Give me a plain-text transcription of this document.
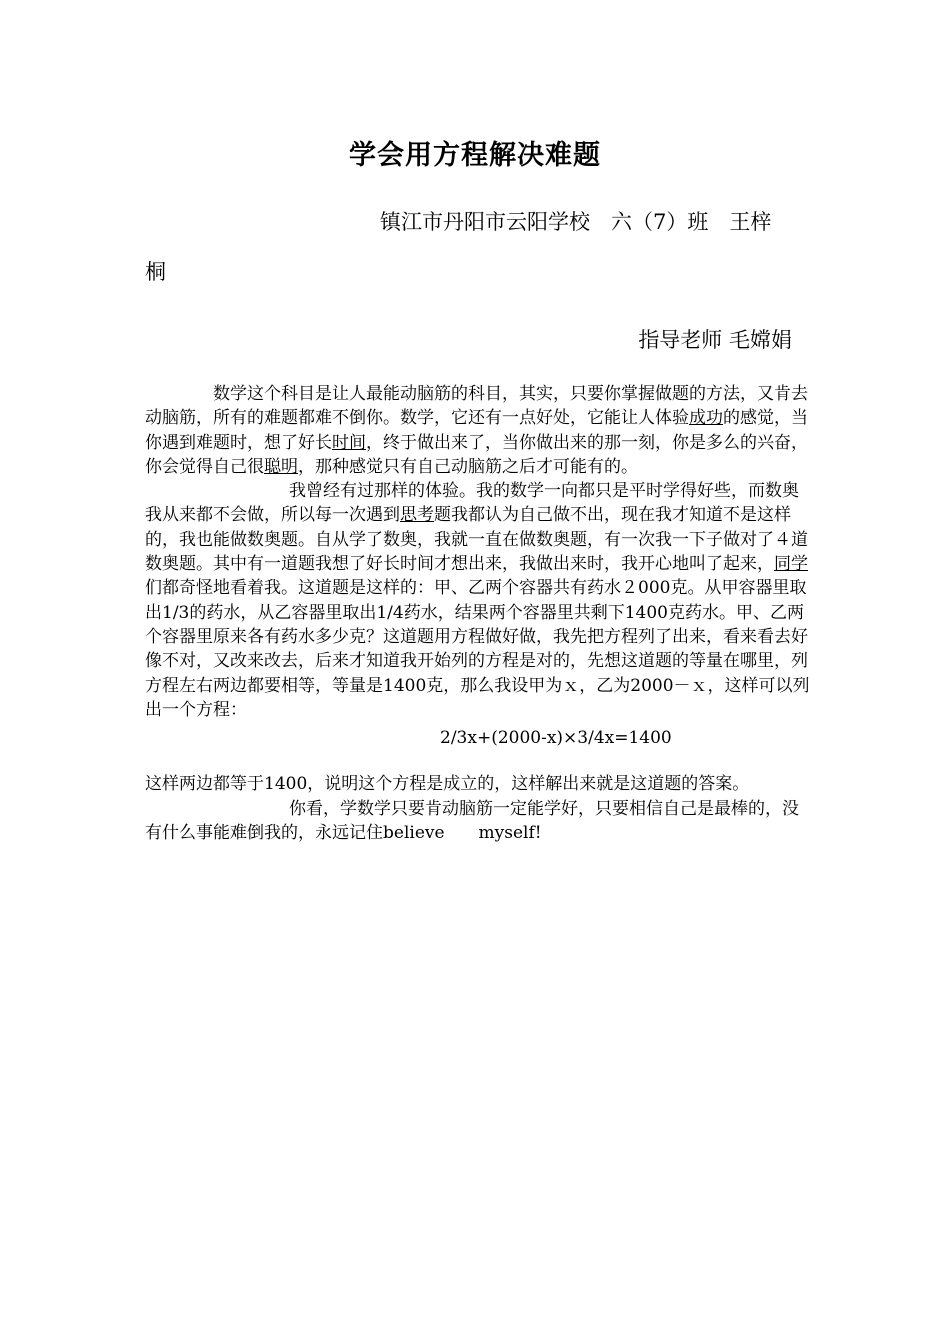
学会用方程解决难题
镇江市丹阳市云阳学校　六（7）班　王梓
桐
指导老师 毛嫦娟

数学这个科目是让人最能动脑筋的科目，其实，只要你掌握做题的方法，又肯去动脑筋，所有的难题都难不倒你。数学，它还有一点好处，它能让人体验成功的感觉，当你遇到难题时，想了好长时间，终于做出来了，当你做出来的那一刻，你是多么的兴奋，你会觉得自己很聪明，那种感觉只有自己动脑筋之后才可能有的。

我曾经有过那样的体验。我的数学一向都只是平时学得好些，而数奥我从来都不会做，所以每一次遇到思考题我都认为自己做不出，现在我才知道不是这样的，我也能做数奥题。自从学了数奥，我就一直在做数奥题，有一次我一下子做对了４道数奥题。其中有一道题我想了好长时间才想出来，我做出来时，我开心地叫了起来，同学们都奇怪地看着我。这道题是这样的：甲、乙两个容器共有药水２000克。从甲容器里取出1/3的药水，从乙容器里取出1/4药水，结果两个容器里共剩下1400克药水。甲、乙两个容器里原来各有药水多少克？这道题用方程做好做，我先把方程列了出来，看来看去好像不对，又改来改去，后来才知道我开始列的方程是对的，先想这道题的等量在哪里，列方程左右两边都要相等，等量是1400克，那么我设甲为ｘ，乙为2000－ｘ，这样可以列出一个方程：

2/3x+(2000-x)×3/4x=1400

这样两边都等于1400，说明这个方程是成立的，这样解出来就是这道题的答案。

你看，学数学只要肯动脑筋一定能学好，只要相信自己是最棒的，没有什么事能难倒我的，永远记住believe　　myself!
